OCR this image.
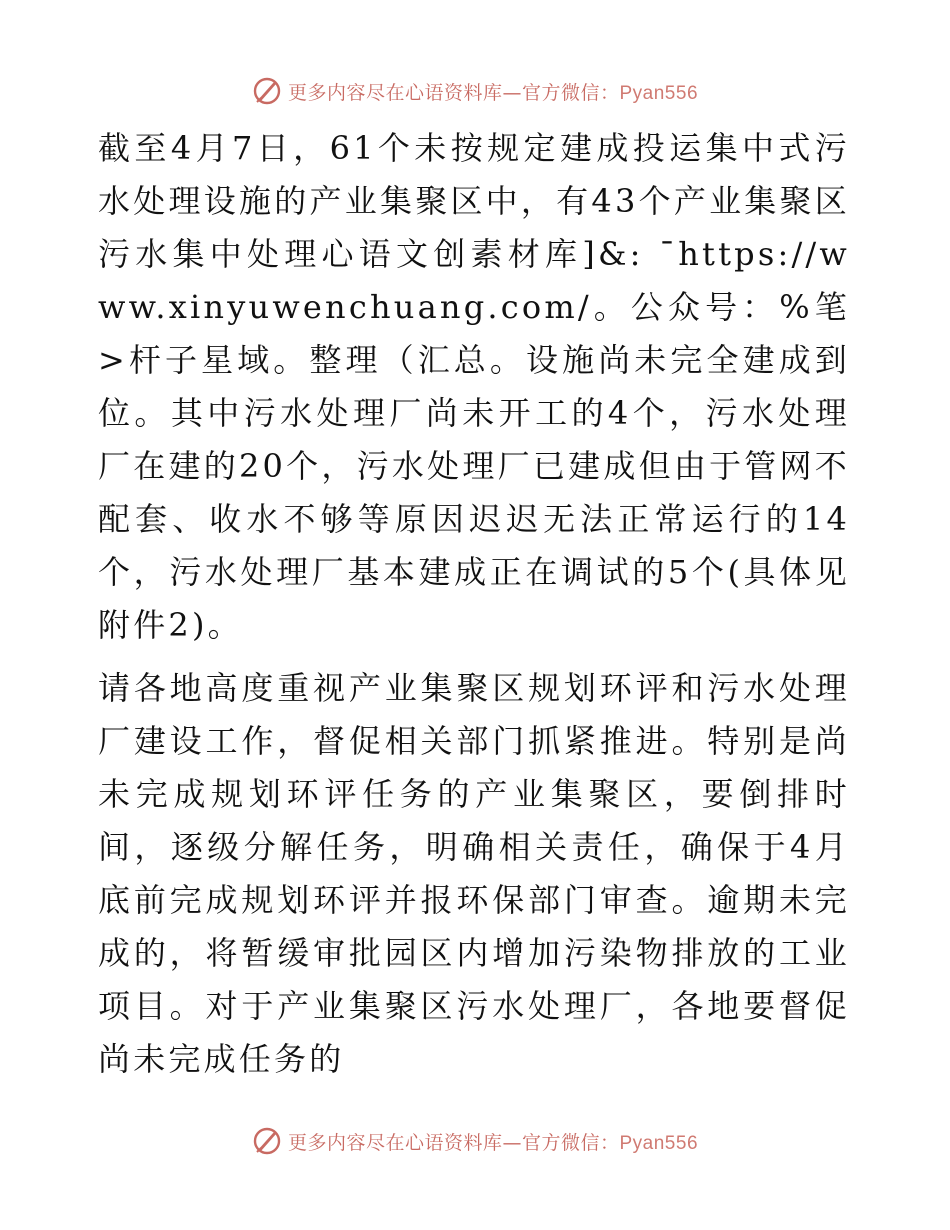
更多内容尽在心语资料库—官方微信：Pyan556

截至4月7日，61个未按规定建成投运集中式污水处理设施的产业集聚区中，有43个产业集聚区污水集中处理心语文创素材库]&: ¯https://www.xinyuwenchuang.com/。公众号：%笔>杆子星域。整理（汇总。设施尚未完全建成到位。其中污水处理厂尚未开工的4个，污水处理厂在建的20个，污水处理厂已建成但由于管网不配套、收水不够等原因迟迟无法正常运行的14个，污水处理厂基本建成正在调试的5个(具体见附件2)。

请各地高度重视产业集聚区规划环评和污水处理厂建设工作，督促相关部门抓紧推进。特别是尚未完成规划环评任务的产业集聚区，要倒排时间，逐级分解任务，明确相关责任，确保于4月底前完成规划环评并报环保部门审查。逾期未完成的，将暂缓审批园区内增加污染物排放的工业项目。对于产业集聚区污水处理厂，各地要督促尚未完成任务的

更多内容尽在心语资料库—官方微信：Pyan556
